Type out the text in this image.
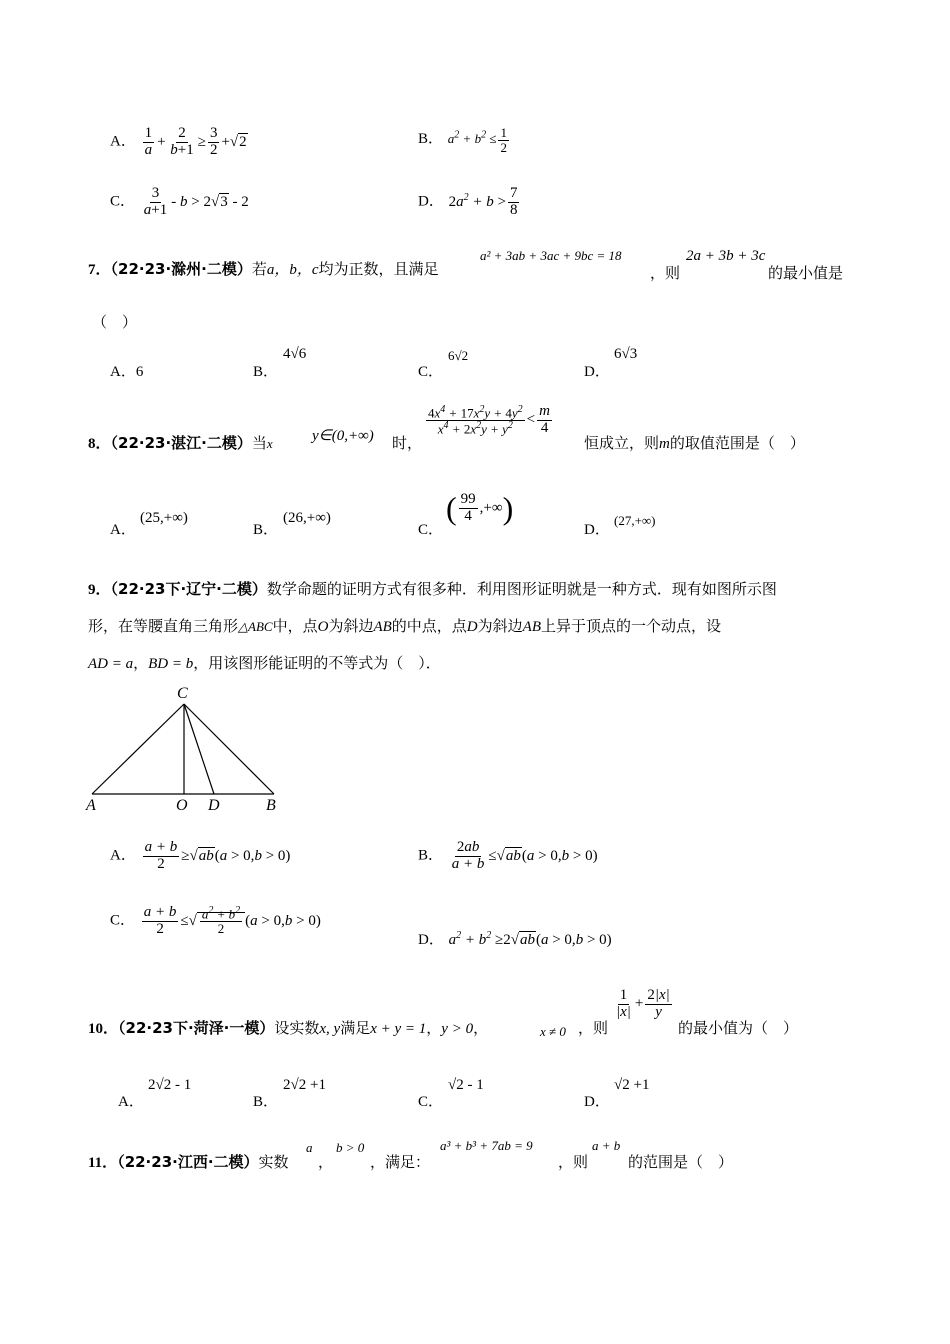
A． $\frac{1}{a} + \frac{2}{b+1} \ge \frac{3}{2} +√2$	B． $a^2 + b^2 \le \frac{1}{2}$
C． $\frac{3}{a+1} - b > 2√3 - 2$	D． $2a^2 + b > \frac{7}{8}$
7．（22·23·滁州·二模）若a，b，c均为正数，且满足
a² + 3ab + 3ac + 9bc = 18
，则
2a + 3b + 3c
的最小值是
（　）
A．6	B．
4√6
C．
6√2
D．
6√3
8．（22·23·湛江·二模）当x	y∈(0,+∞) 时，
$\frac{4x^4 + 17x^2y + 4y^2}{x^4 + 2x^2y + y^2} < \frac{m}{4}$
恒成立，则m的取值范围是（　）
A．
(25,+∞)
B．
(26,+∞)
C．
( $\frac{99}{4}$ ,+∞)
D．
(27,+∞)
9．（22·23下·辽宁·二模）数学命题的证明方式有很多种．利用图形证明就是一种方式．现有如图所示图
形，在等腰直角三角形△ABC中，点O为斜边AB的中点，点D为斜边AB上异于顶点的一个动点，设
AD = a，BD = b，用该图形能证明的不等式为（　）．
C
A	O D	B
A． $\frac{a + b}{2} \ge√ab(a > 0,b > 0)$	B． $\frac{2ab}{a + b} \le√ab(a > 0,b > 0)$
C． $\frac{a + b}{2}$ ≤√ $\frac{a^2 + b^2}{2} (a > 0,b > 0)$
D． $a^2 + b^2 \ge 2√ab(a > 0,b > 0)$
10．（22·23下·菏泽·一模）设实数x, y满足x + y = 1，y > 0，	x ≠ 0 ，则
$\frac{1}{|x|} + \frac{2|x|}{y}$
的最小值为（　）
A．
2√2 - 1
B．
2√2 +1
C．
√2 - 1
D．
√2 +1
11．（22·23·江西·二模）实数
a
，
b > 0
，满足：
a³ + b³ + 7ab = 9
，则
a + b
的范围是（　）
